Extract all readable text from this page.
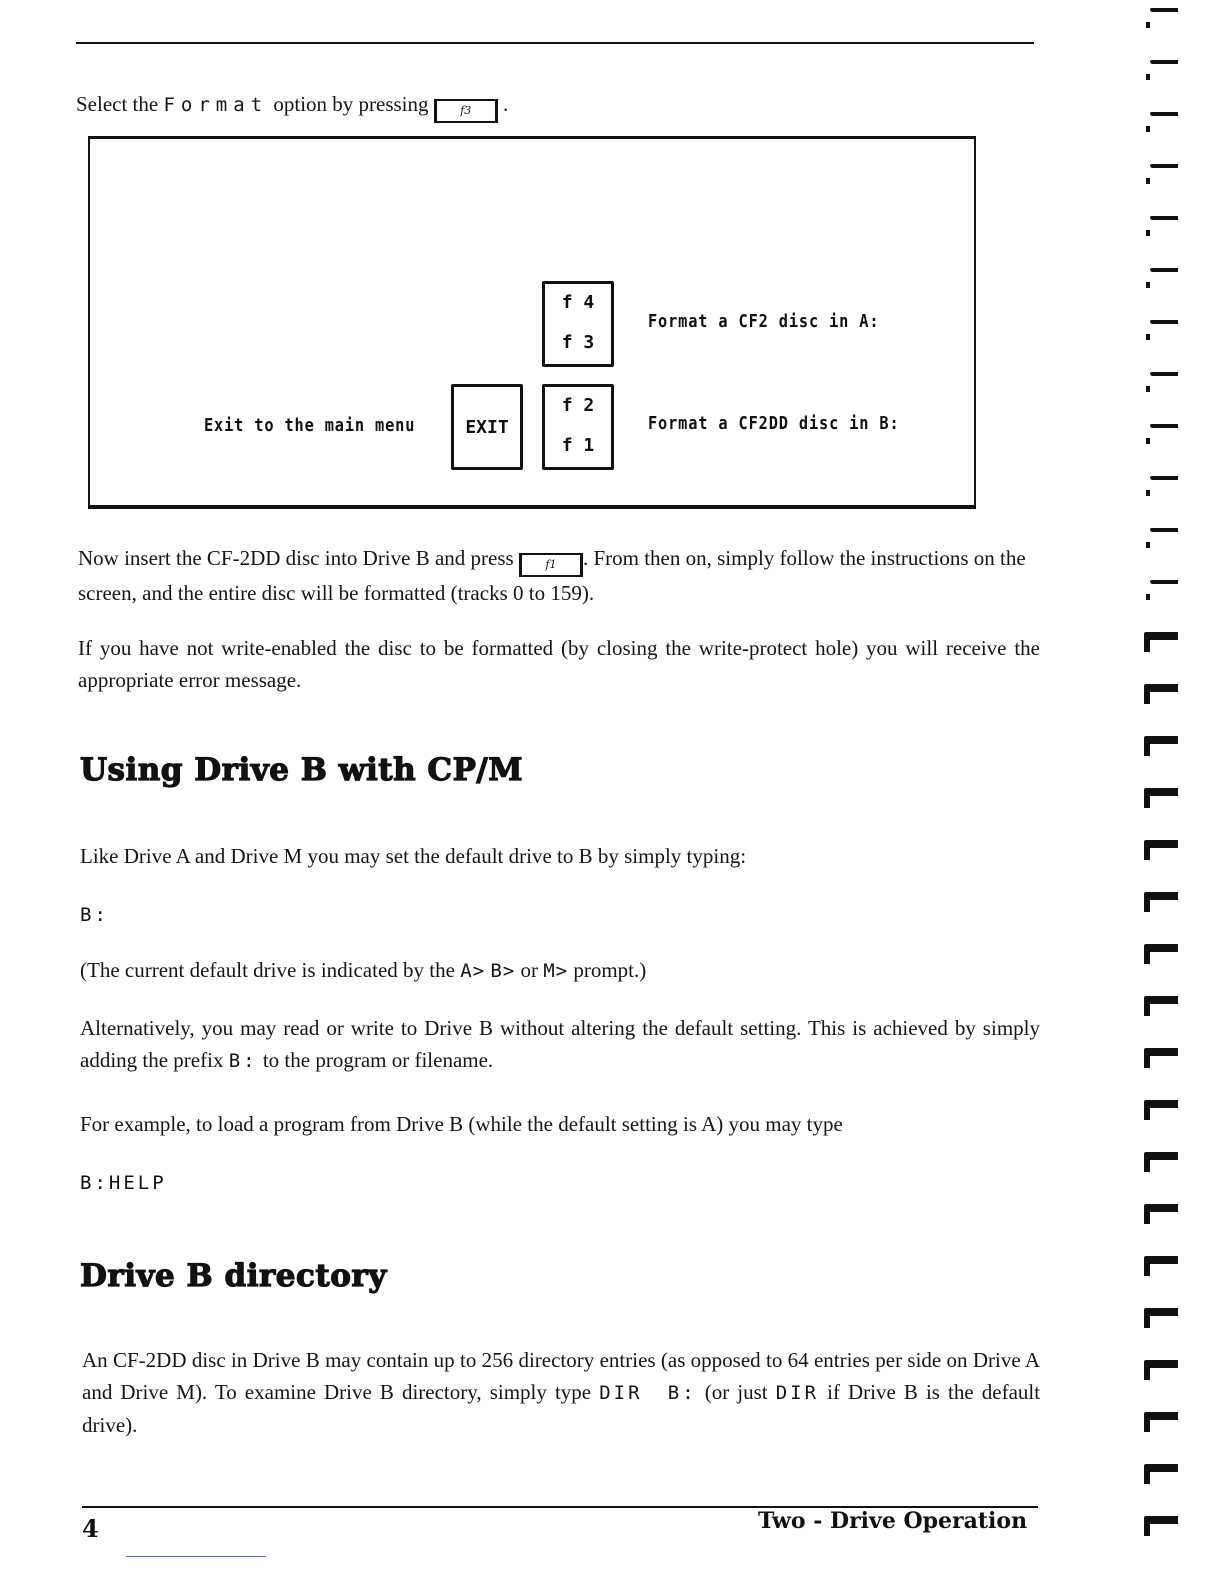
Select the Format option by pressing	f3 .

f 4
f 3
Format a CF2 disc in A:
Exit to the main menu	EXIT
f 2
f 1
Format a CF2DD disc in B:

Now insert the CF-2DD disc into Drive B and press	f1 . From then on, simply follow the instructions on the screen, and the entire disc will be formatted (tracks 0 to 159).

If you have not write-enabled the disc to be formatted (by closing the write-protect hole) you will receive the appropriate error message.

Using Drive B with CP/M

Like Drive A and Drive M you may set the default drive to B by simply typing:

B:

(The current default drive is indicated by the A> B> or M> prompt.)

Alternatively, you may read or write to Drive B without altering the default setting. This is achieved by simply adding the prefix B: to the program or filename.

For example, to load a program from Drive B (while the default setting is A) you may type

B:HELP
Drive B directory

An CF-2DD disc in Drive B may contain up to 256 directory entries (as opposed to 64 entries per side on Drive A and Drive M). To examine Drive B directory, simply type DIR B: (or just DIR if Drive B is the default drive).

4	Two - Drive Operation
